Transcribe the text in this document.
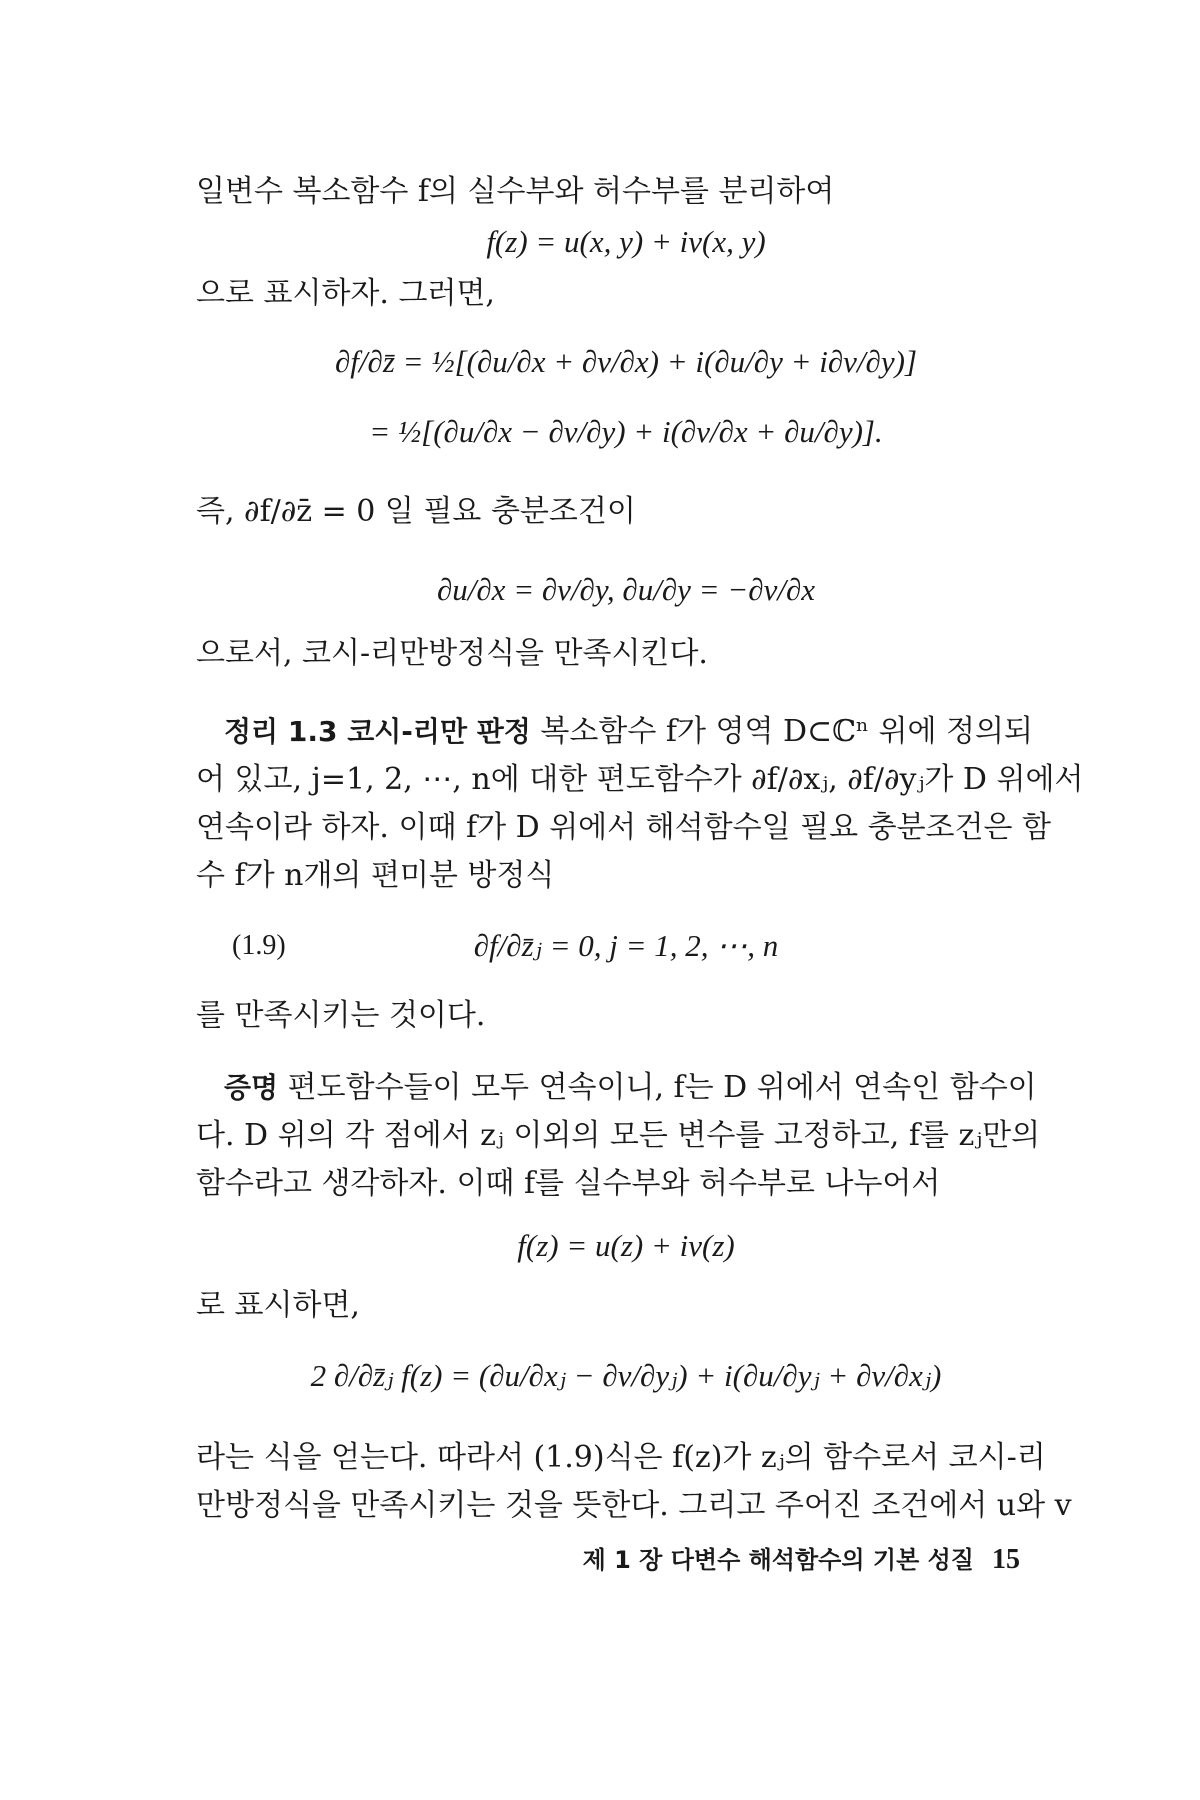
일변수 복소함수 f의 실수부와 허수부를 분리하여
f(z) = u(x, y) + iv(x, y)
으로 표시하자. 그러면,
∂f/∂z̄ = ½[(∂u/∂x + ∂v/∂x) + i(∂u/∂y + i∂v/∂y)]
= ½[(∂u/∂x − ∂v/∂y) + i(∂v/∂x + ∂u/∂y)].
즉, ∂f/∂z̄ = 0 일 필요 충분조건이
∂u/∂x = ∂v/∂y, ∂u/∂y = −∂v/∂x
으로서, 코시-리만방정식을 만족시킨다.
정리 1.3 코시-리만 판정 복소함수 f가 영역 D⊂ℂⁿ 위에 정의되
어 있고, j=1, 2, ⋯, n에 대한 편도함수가 ∂f/∂xⱼ, ∂f/∂yⱼ가 D 위에서
연속이라 하자. 이때 f가 D 위에서 해석함수일 필요 충분조건은 함
수 f가 n개의 편미분 방정식
(1.9)	∂f/∂z̄ⱼ = 0, j = 1, 2, ⋯, n
를 만족시키는 것이다.
증명 편도함수들이 모두 연속이니, f는 D 위에서 연속인 함수이
다. D 위의 각 점에서 zⱼ 이외의 모든 변수를 고정하고, f를 zⱼ만의
함수라고 생각하자. 이때 f를 실수부와 허수부로 나누어서
f(z) = u(z) + iv(z)
로 표시하면,
2 ∂/∂z̄ⱼ f(z) = (∂u/∂xⱼ − ∂v/∂yⱼ) + i(∂u/∂yⱼ + ∂v/∂xⱼ)
라는 식을 얻는다. 따라서 (1.9)식은 f(z)가 zⱼ의 함수로서 코시-리
만방정식을 만족시키는 것을 뜻한다. 그리고 주어진 조건에서 u와 v
제 1 장 다변수 해석함수의 기본 성질 15
